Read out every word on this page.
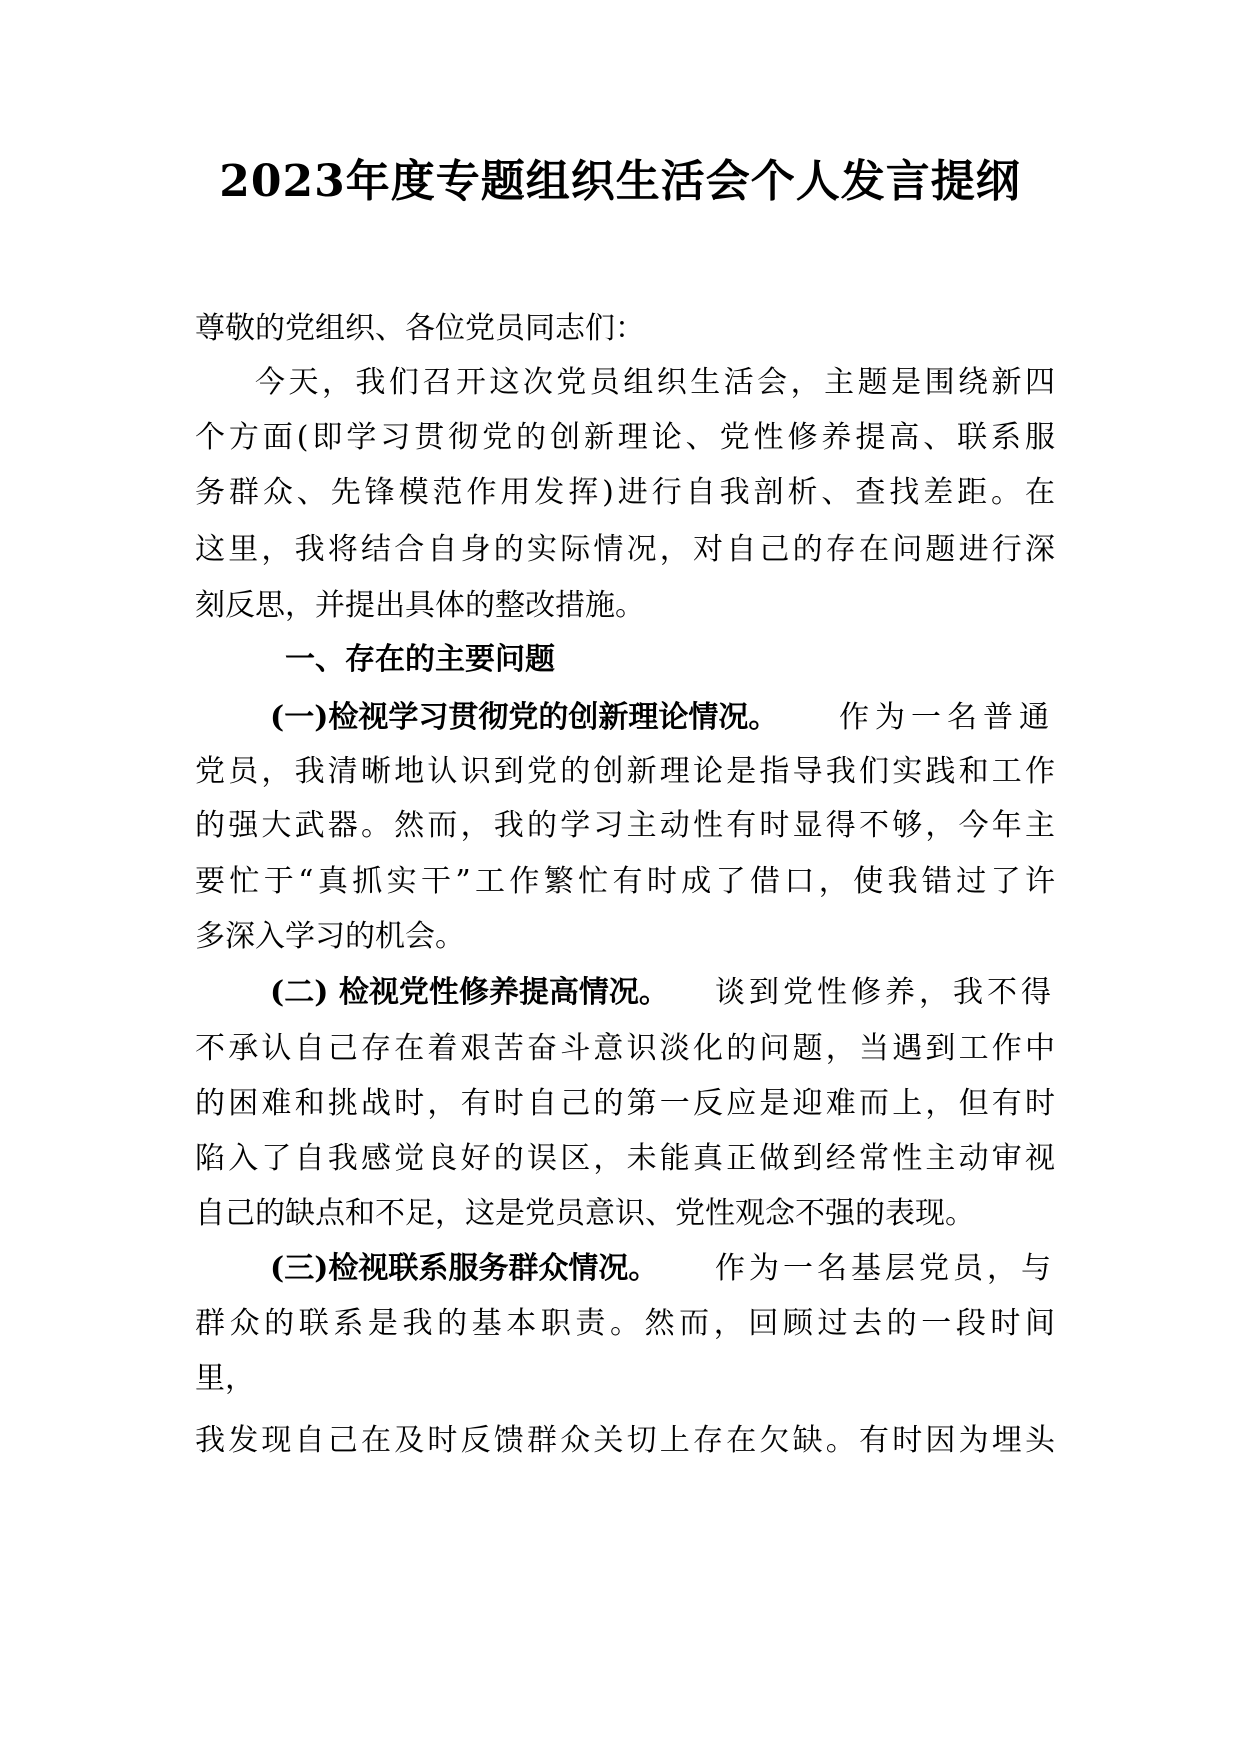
2023年度专题组织生活会个人发言提纲
尊敬的党组织、各位党员同志们：
今天，我们召开这次党员组织生活会，主题是围绕新四
个方面(即学习贯彻党的创新理论、党性修养提高、联系服
务群众、先锋模范作用发挥)进行自我剖析、查找差距。在
这里，我将结合自身的实际情况，对自己的存在问题进行深
刻反思，并提出具体的整改措施。
一、存在的主要问题
(一)检视学习贯彻党的创新理论情况。 作为一名普通
党员，我清晰地认识到党的创新理论是指导我们实践和工作
的强大武器。然而，我的学习主动性有时显得不够，今年主
要忙于“真抓实干”工作繁忙有时成了借口，使我错过了许
多深入学习的机会。
(二) 检视党性修养提高情况。 谈到党性修养，我不得
不承认自己存在着艰苦奋斗意识淡化的问题，当遇到工作中
的困难和挑战时，有时自己的第一反应是迎难而上，但有时
陷入了自我感觉良好的误区，未能真正做到经常性主动审视
自己的缺点和不足，这是党员意识、党性观念不强的表现。
(三)检视联系服务群众情况。 作为一名基层党员，与
群众的联系是我的基本职责。然而，回顾过去的一段时间
里，
我发现自己在及时反馈群众关切上存在欠缺。有时因为埋头
